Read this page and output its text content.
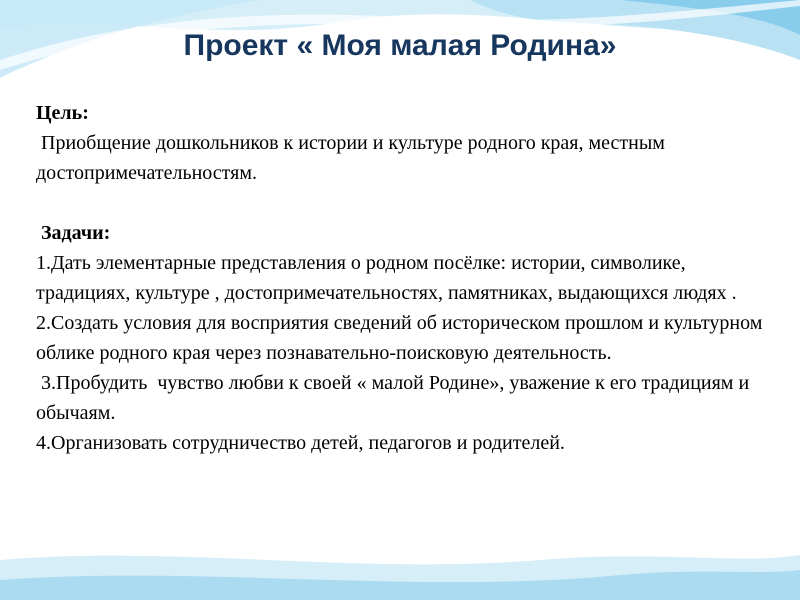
Проект « Моя малая Родина»

Цель:

Приобщение дошкольников к истории и культуре родного края, местным достопримечательностям.

Задачи:

1.Дать элементарные представления о родном посёлке: истории, символике, традициях, культуре , достопримечательностях, памятниках, выдающихся людях .

2.Создать условия для восприятия сведений об историческом прошлом и культурном облике родного края через познавательно-поисковую деятельность.

3.Пробудить  чувство любви к своей « малой Родине», уважение к его традициям и обычаям.

4.Организовать сотрудничество детей, педагогов и родителей.
